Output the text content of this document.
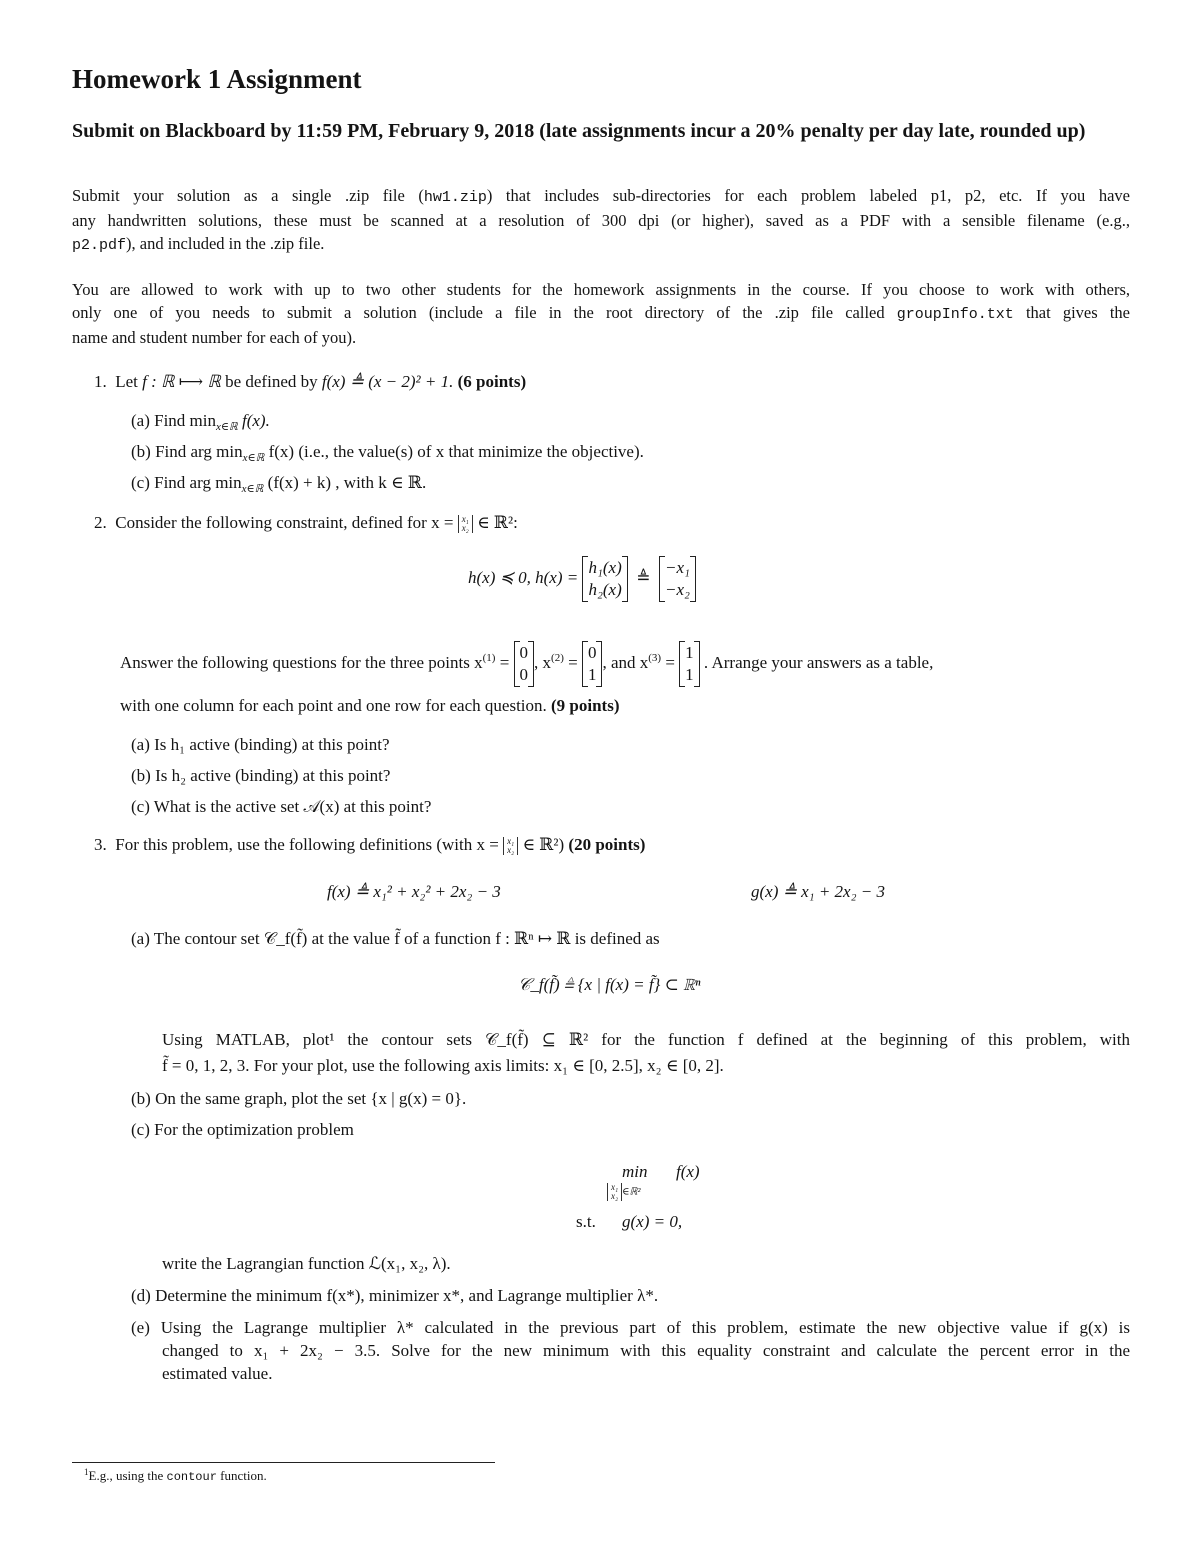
Homework 1 Assignment
Submit on Blackboard by 11:59 PM, February 9, 2018 (late assignments incur a 20% penalty per day late, rounded up)
Submit your solution as a single .zip file (hw1.zip) that includes sub-directories for each problem labeled p1, p2, etc. If you have
any handwritten solutions, these must be scanned at a resolution of 300 dpi (or higher), saved as a PDF with a sensible filename (e.g.,
p2.pdf), and included in the .zip file.
You are allowed to work with up to two other students for the homework assignments in the course. If you choose to work with others,
only one of you needs to submit a solution (include a file in the root directory of the .zip file called groupInfo.txt that gives the
name and student number for each of you).
1. Let f : ℝ ⟼ ℝ be defined by f(x) ≜ (x − 2)² + 1. (6 points)
(a) Find $\min_{x\in ℝ} f(x)$.
(b) Find arg $\min_{x\in ℝ} f(x)$ (i.e., the value(s) of x that minimize the objective).
(c) Find arg $\min_{x\in ℝ} (f(x) + k)$ , with k ∈ ℝ.
2. Consider the following constraint, defined for x = x₁
x₂ ∈ ℝ²:
h(x) ≼ 0, h(x) = h₁(x)
h₂(x)  ≜  −x₁
−x₂
Answer the following questions for the three points $x^{(1)} = 0$
0, $x^{(2)} = 0$
1, and $x^{(3)} = 1$
1 . Arrange your answers as a table,
with one column for each point and one row for each question. (9 points)
(a) Is h₁ active (binding) at this point?
(b) Is h₂ active (binding) at this point?
(c) What is the active set 𝒜(x) at this point?
3. For this problem, use the following definitions (with x = x₁
x₂ ∈ ℝ²) (20 points)
f(x) ≜ x₁² + x₂² + 2x₂ − 3	g(x) ≜ x₁ + 2x₂ − 3
(a) The contour set 𝒞_f(f̃) at the value f̃ of a function f : ℝⁿ ↦ ℝ is defined as
𝒞_f(f̃) ≜ {x | f(x) = f̃} ⊂ ℝⁿ
Using MATLAB, plot¹ the contour sets 𝒞_f(f̃) ⊆ ℝ² for the function f defined at the beginning of this problem, with
f̃ = 0, 1, 2, 3. For your plot, use the following axis limits: x₁ ∈ [0, 2.5], x₂ ∈ [0, 2].
(b) On the same graph, plot the set {x | g(x) = 0}.
(c) For the optimization problem
min f(x)
x₁
x₂ ∈ℝ²
s.t. g(x) = 0,
write the Lagrangian function ℒ(x₁, x₂, λ).
(d) Determine the minimum f(x*), minimizer x*, and Lagrange multiplier λ*.
(e) Using the Lagrange multiplier λ* calculated in the previous part of this problem, estimate the new objective value if g(x) is
changed to x₁ + 2x₂ − 3.5. Solve for the new minimum with this equality constraint and calculate the percent error in the
estimated value.
$^1$E.g., using the contour function.
